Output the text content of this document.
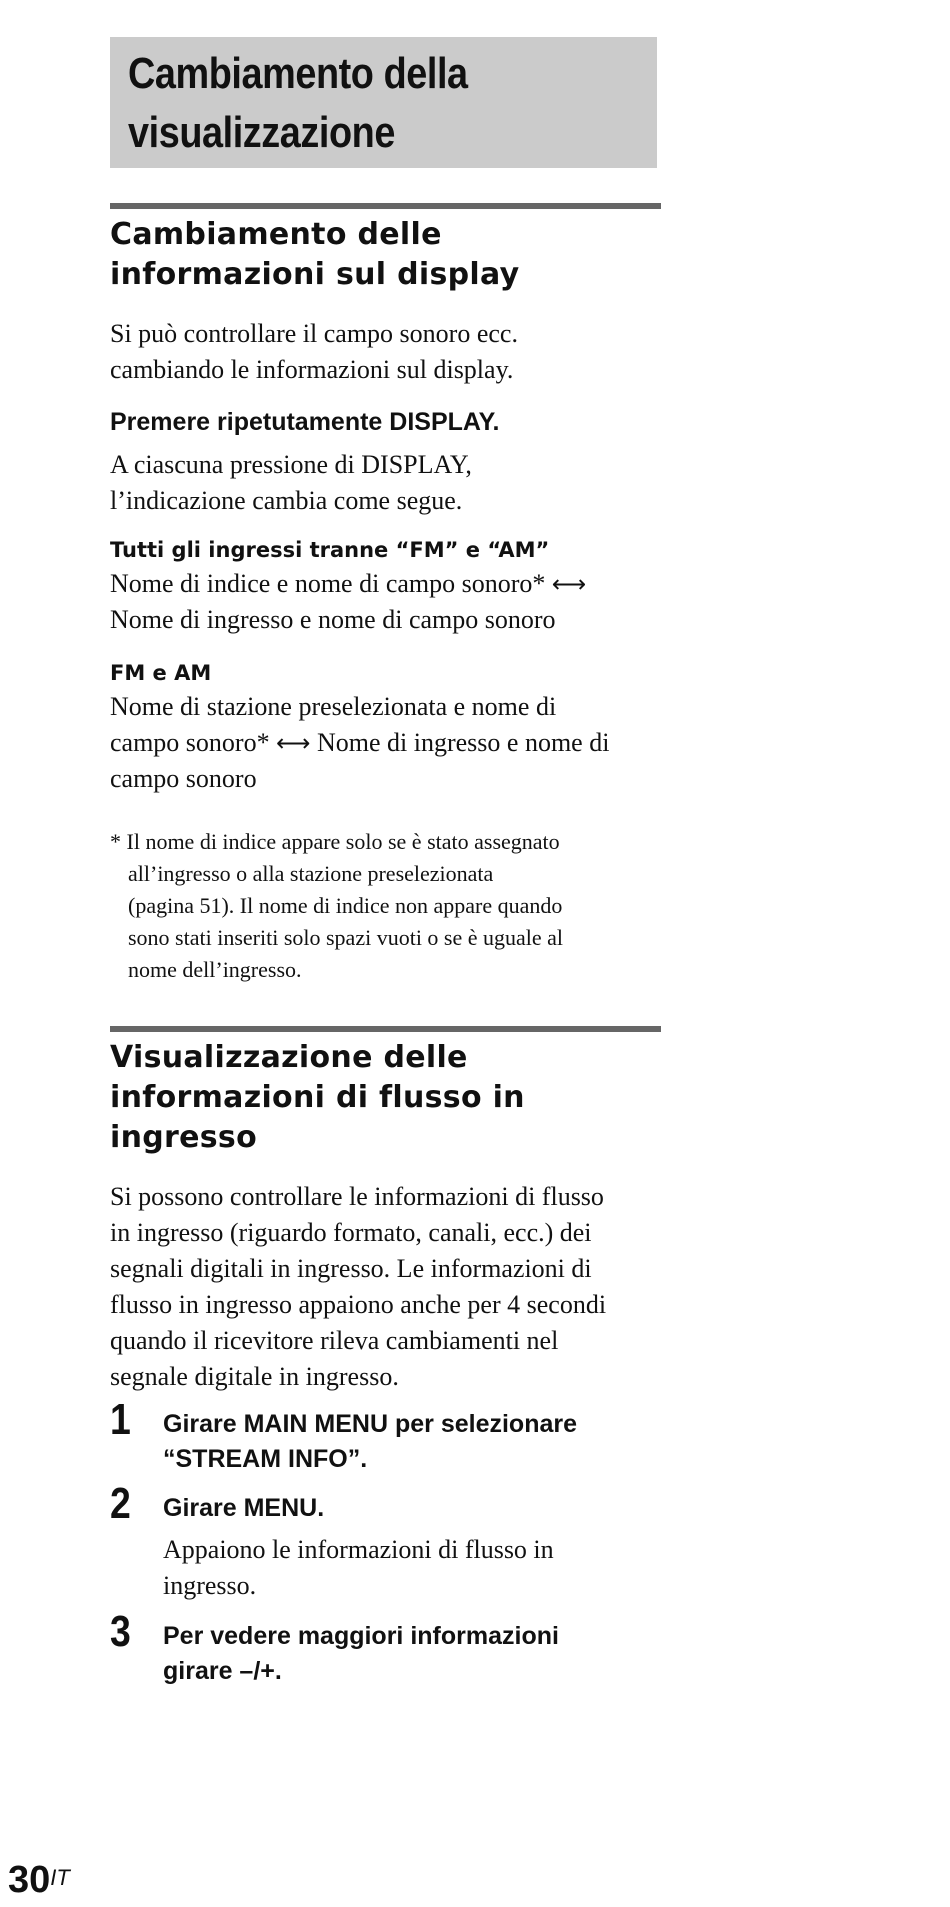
Cambiamento della
visualizzazione
Cambiamento delle
informazioni sul display

Si può controllare il campo sonoro ecc.
cambiando le informazioni sul display.

Premere ripetutamente DISPLAY.

A ciascuna pressione di DISPLAY,
l’indicazione cambia come segue.

Tutti gli ingressi tranne “FM” e “AM”

Nome di indice e nome di campo sonoro* ⟷
Nome di ingresso e nome di campo sonoro

FM e AM

Nome di stazione preselezionata e nome di
campo sonoro* ⟷ Nome di ingresso e nome di
campo sonoro

* Il nome di indice appare solo se è stato assegnato
all’ingresso o alla stazione preselezionata
(pagina 51). Il nome di indice non appare quando
sono stati inseriti solo spazi vuoti o se è uguale al
nome dell’ingresso.

Visualizzazione delle
informazioni di flusso in
ingresso

Si possono controllare le informazioni di flusso
in ingresso (riguardo formato, canali, ecc.) dei
segnali digitali in ingresso. Le informazioni di
flusso in ingresso appaiono anche per 4 secondi
quando il ricevitore rileva cambiamenti nel
segnale digitale in ingresso.

1 Girare MAIN MENU per selezionare
“STREAM INFO”.

2 Girare MENU.

Appaiono le informazioni di flusso in
ingresso.

3 Per vedere maggiori informazioni
girare –/+.

$30^{IT}$
